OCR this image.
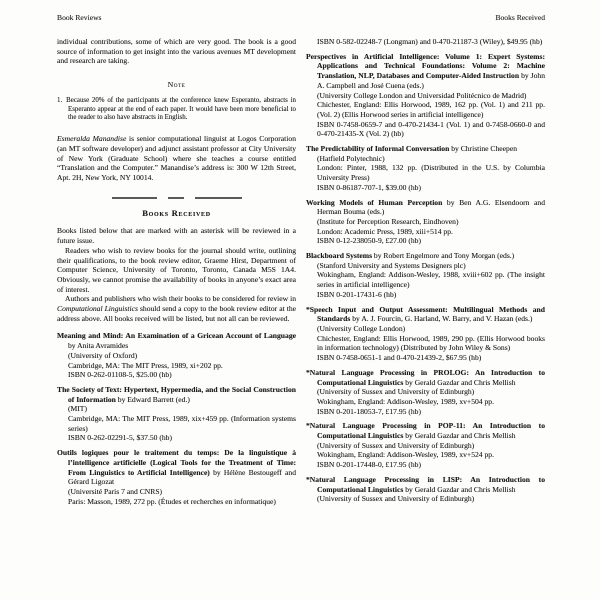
Book Reviews	Books Received

individual contributions, some of which are very good. The book is a good source of information to get insight into the various avenues MT development and research are taking.

Note

1. Because 20% of the participants at the conference knew Esperanto, abstracts in Esperanto appear at the end of each paper. It would have been more beneficial to the reader to also have abstracts in English.

Esmeralda Manandise is senior computational linguist at Logos Corporation (an MT software developer) and adjunct assistant professor at City University of New York (Graduate School) where she teaches a course entitled “Translation and the Computer.” Manandise’s address is: 300 W 12th Street, Apt. 2H, New York, NY 10014.

Books Received

Books listed below that are marked with an asterisk will be reviewed in a future issue.

Readers who wish to review books for the journal should write, outlining their qualifications, to the book review editor, Graeme Hirst, Department of Computer Science, University of Toronto, Toronto, Canada M5S 1A4. Obviously, we cannot promise the availability of books in anyone’s exact area of interest.

Authors and publishers who wish their books to be considered for review in Computational Linguistics should send a copy to the book review editor at the address above. All books received will be listed, but not all can be reviewed.

Meaning and Mind: An Examination of a Gricean Account of Language by Anita Avramides
(University of Oxford)
Cambridge, MA: The MIT Press, 1989, xi+202 pp.
ISBN 0-262-01108-5, $25.00 (hb)

The Society of Text: Hypertext, Hypermedia, and the Social Construction of Information by Edward Barrett (ed.)
(MIT)
Cambridge, MA: The MIT Press, 1989, xix+459 pp. (Information systems series)
ISBN 0-262-02291-5, $37.50 (hb)

Outils logiques pour le traitement du temps: De la linguistique à l’intelligence artificielle (Logical Tools for the Treatment of Time: From Linguistics to Artificial Intelligence) by Hélène Bestougeff and Gérard Ligozat
(Université Paris 7 and CNRS)
Paris: Masson, 1989, 272 pp. (Études et recherches en informatique)

ISBN 0-582-02248-7 (Longman) and 0-470-21187-3 (Wiley), $49.95 (hb)

Perspectives in Artificial Intelligence: Volume 1: Expert Systems: Applications and Technical Foundations: Volume 2: Machine Translation, NLP, Databases and Computer-Aided Instruction by John A. Campbell and José Cuena (eds.)
(University College London and Universidad Politécnico de Madrid)
Chichester, England: Ellis Horwood, 1989, 162 pp. (Vol. 1) and 211 pp. (Vol. 2) (Ellis Horwood series in artificial intelligence)
ISBN 0-7458-0659-7 and 0-470-21434-1 (Vol. 1) and 0-7458-0660-0 and 0-470-21435-X (Vol. 2) (hb)

The Predictability of Informal Conversation by Christine Cheepen
(Hatfield Polytechnic)
London: Pinter, 1988, 132 pp. (Distributed in the U.S. by Columbia University Press)
ISBN 0-86187-707-1, $39.00 (hb)

Working Models of Human Perception by Ben A.G. Elsendoorn and Herman Bouma (eds.)
(Institute for Perception Research, Eindhoven)
London: Academic Press, 1989, xiii+514 pp.
ISBN 0-12-238050-9, £27.00 (hb)

Blackboard Systems by Robert Engelmore and Tony Morgan (eds.)
(Stanford University and Systems Designers plc)
Wokingham, England: Addison-Wesley, 1988, xviii+602 pp. (The insight series in artificial intelligence)
ISBN 0-201-17431-6 (hb)

*Speech Input and Output Assessment: Multilingual Methods and Standards by A. J. Fourcin, G. Harland, W. Barry, and V. Hazan (eds.)
(University College London)
Chichester, England: Ellis Horwood, 1989, 290 pp. (Ellis Horwood books in information technology) (Distributed by John Wiley & Sons)
ISBN 0-7458-0651-1 and 0-470-21439-2, $67.95 (hb)

*Natural Language Processing in PROLOG: An Introduction to Computational Linguistics by Gerald Gazdar and Chris Mellish
(University of Sussex and University of Edinburgh)
Wokingham, England: Addison-Wesley, 1989, xv+504 pp.
ISBN 0-201-18053-7, £17.95 (hb)

*Natural Language Processing in POP-11: An Introduction to Computational Linguistics by Gerald Gazdar and Chris Mellish
(University of Sussex and University of Edinburgh)
Wokingham, England: Addison-Wesley, 1989, xv+524 pp.
ISBN 0-201-17448-0, £17.95 (hb)

*Natural Language Processing in LISP: An Introduction to Computational Linguistics by Gerald Gazdar and Chris Mellish
(University of Sussex and University of Edinburgh)
